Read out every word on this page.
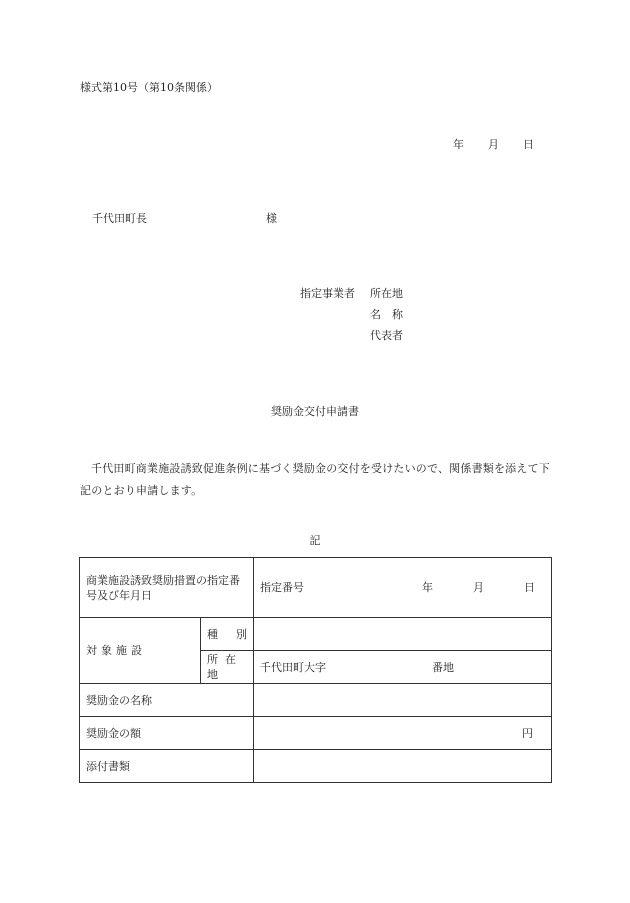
様式第10号（第10条関係）
年 月 日
千代田町長	様
指定事業者 所在地
名　称
代表者
奨励金交付申請書
千代田町商業施設誘致促進条例に基づく奨励金の交付を受けたいので、関係書類を添えて下記のとおり申請します。
記
商業施設誘致奨励措置の指定番号及び年月日		指定番号 年 月 日

対象施設	種 別	

	所在地	千代田町大字 番地

奨励金の名称		
奨励金の額		円
添付書類		
